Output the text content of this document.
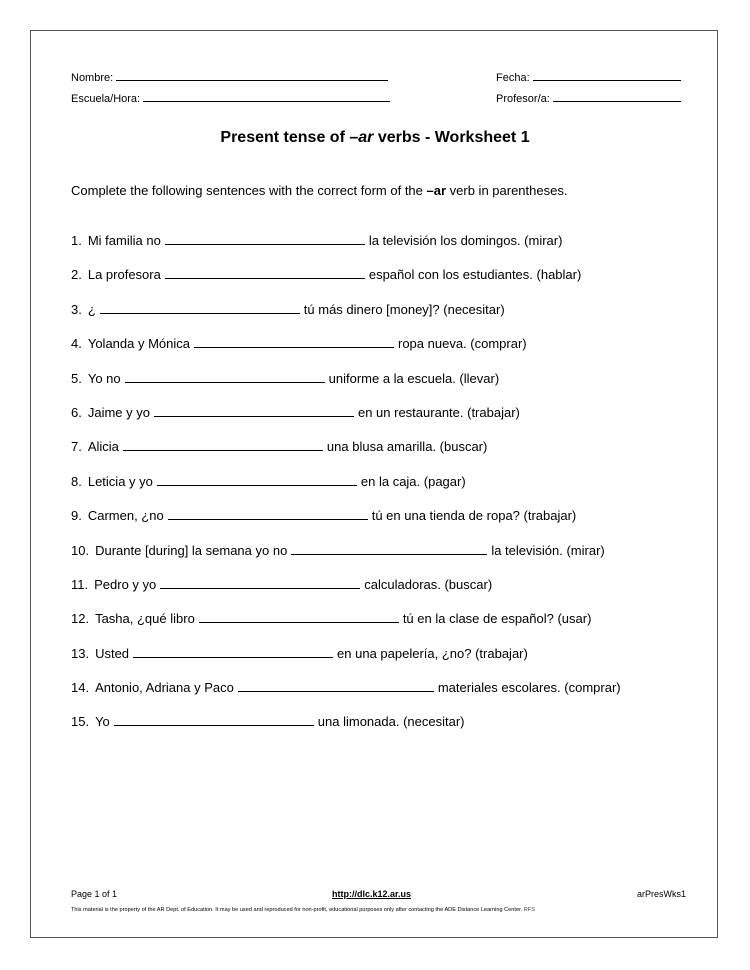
Nombre:
Escuela/Hora:
Fecha:
Profesor/a:
Present tense of –ar verbs - Worksheet 1
Complete the following sentences with the correct form of the –ar verb in parentheses.
1. Mi familia no	la televisión los domingos. (mirar)
2. La profesora	español con los estudiantes. (hablar)
3. ¿	tú más dinero [money]? (necesitar)
4. Yolanda y Mónica	ropa nueva. (comprar)
5. Yo no	uniforme a la escuela. (llevar)
6. Jaime y yo	en un restaurante. (trabajar)
7. Alicia	una blusa amarilla. (buscar)
8. Leticia y yo	en la caja. (pagar)
9. Carmen, ¿no	tú en una tienda de ropa? (trabajar)
10. Durante [during] la semana yo no	la televisión. (mirar)
11. Pedro y yo	calculadoras. (buscar)
12. Tasha, ¿qué libro	tú en la clase de español? (usar)
13. Usted	en una papelería, ¿no? (trabajar)
14. Antonio, Adriana y Paco	materiales escolares. (comprar)
15. Yo	una limonada. (necesitar)
Page 1 of 1	http://dlc.k12.ar.us	arPresWks1
This material is the property of the AR Dept. of Education. It may be used and reproduced for non-profit, educational purposes only after contacting the ADE Distance Learning Center. RFS
